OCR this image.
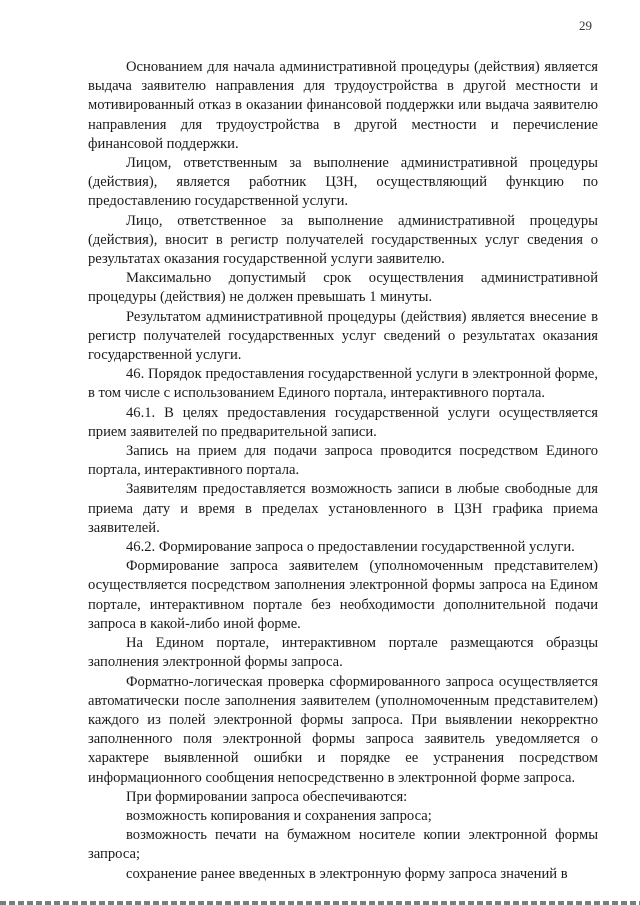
29

Основанием для начала административной процедуры (действия) является выдача заявителю направления для трудоустройства в другой местности и мотивированный отказ в оказании финансовой поддержки или выдача заявителю направления для трудоустройства в другой местности и перечисление финансовой поддержки.

Лицом, ответственным за выполнение административной процедуры (действия), является работник ЦЗН, осуществляющий функцию по предоставлению государственной услуги.

Лицо, ответственное за выполнение административной процедуры (действия), вносит в регистр получателей государственных услуг сведения о результатах оказания государственной услуги заявителю.

Максимально допустимый срок осуществления административной процедуры (действия) не должен превышать 1 минуты.

Результатом административной процедуры (действия) является внесение в регистр получателей государственных услуг сведений о результатах оказания государственной услуги.

46. Порядок предоставления государственной услуги в электронной форме, в том числе с использованием Единого портала, интерактивного портала.

46.1. В целях предоставления государственной услуги осуществляется прием заявителей по предварительной записи.

Запись на прием для подачи запроса проводится посредством Единого портала, интерактивного портала.

Заявителям предоставляется возможность записи в любые свободные для приема дату и время в пределах установленного в ЦЗН графика приема заявителей.

46.2. Формирование запроса о предоставлении государственной услуги.

Формирование запроса заявителем (уполномоченным представителем) осуществляется посредством заполнения электронной формы запроса на Едином портале, интерактивном портале без необходимости дополнительной подачи запроса в какой-либо иной форме.

На Едином портале, интерактивном портале размещаются образцы заполнения электронной формы запроса.

Форматно-логическая проверка сформированного запроса осуществляется автоматически после заполнения заявителем (уполномоченным представителем) каждого из полей электронной формы запроса. При выявлении некорректно заполненного поля электронной формы запроса заявитель уведомляется о характере выявленной ошибки и порядке ее устранения посредством информационного сообщения непосредственно в электронной форме запроса.

При формировании запроса обеспечиваются:

возможность копирования и сохранения запроса;

возможность печати на бумажном носителе копии электронной формы запроса;

сохранение ранее введенных в электронную форму запроса значений в
